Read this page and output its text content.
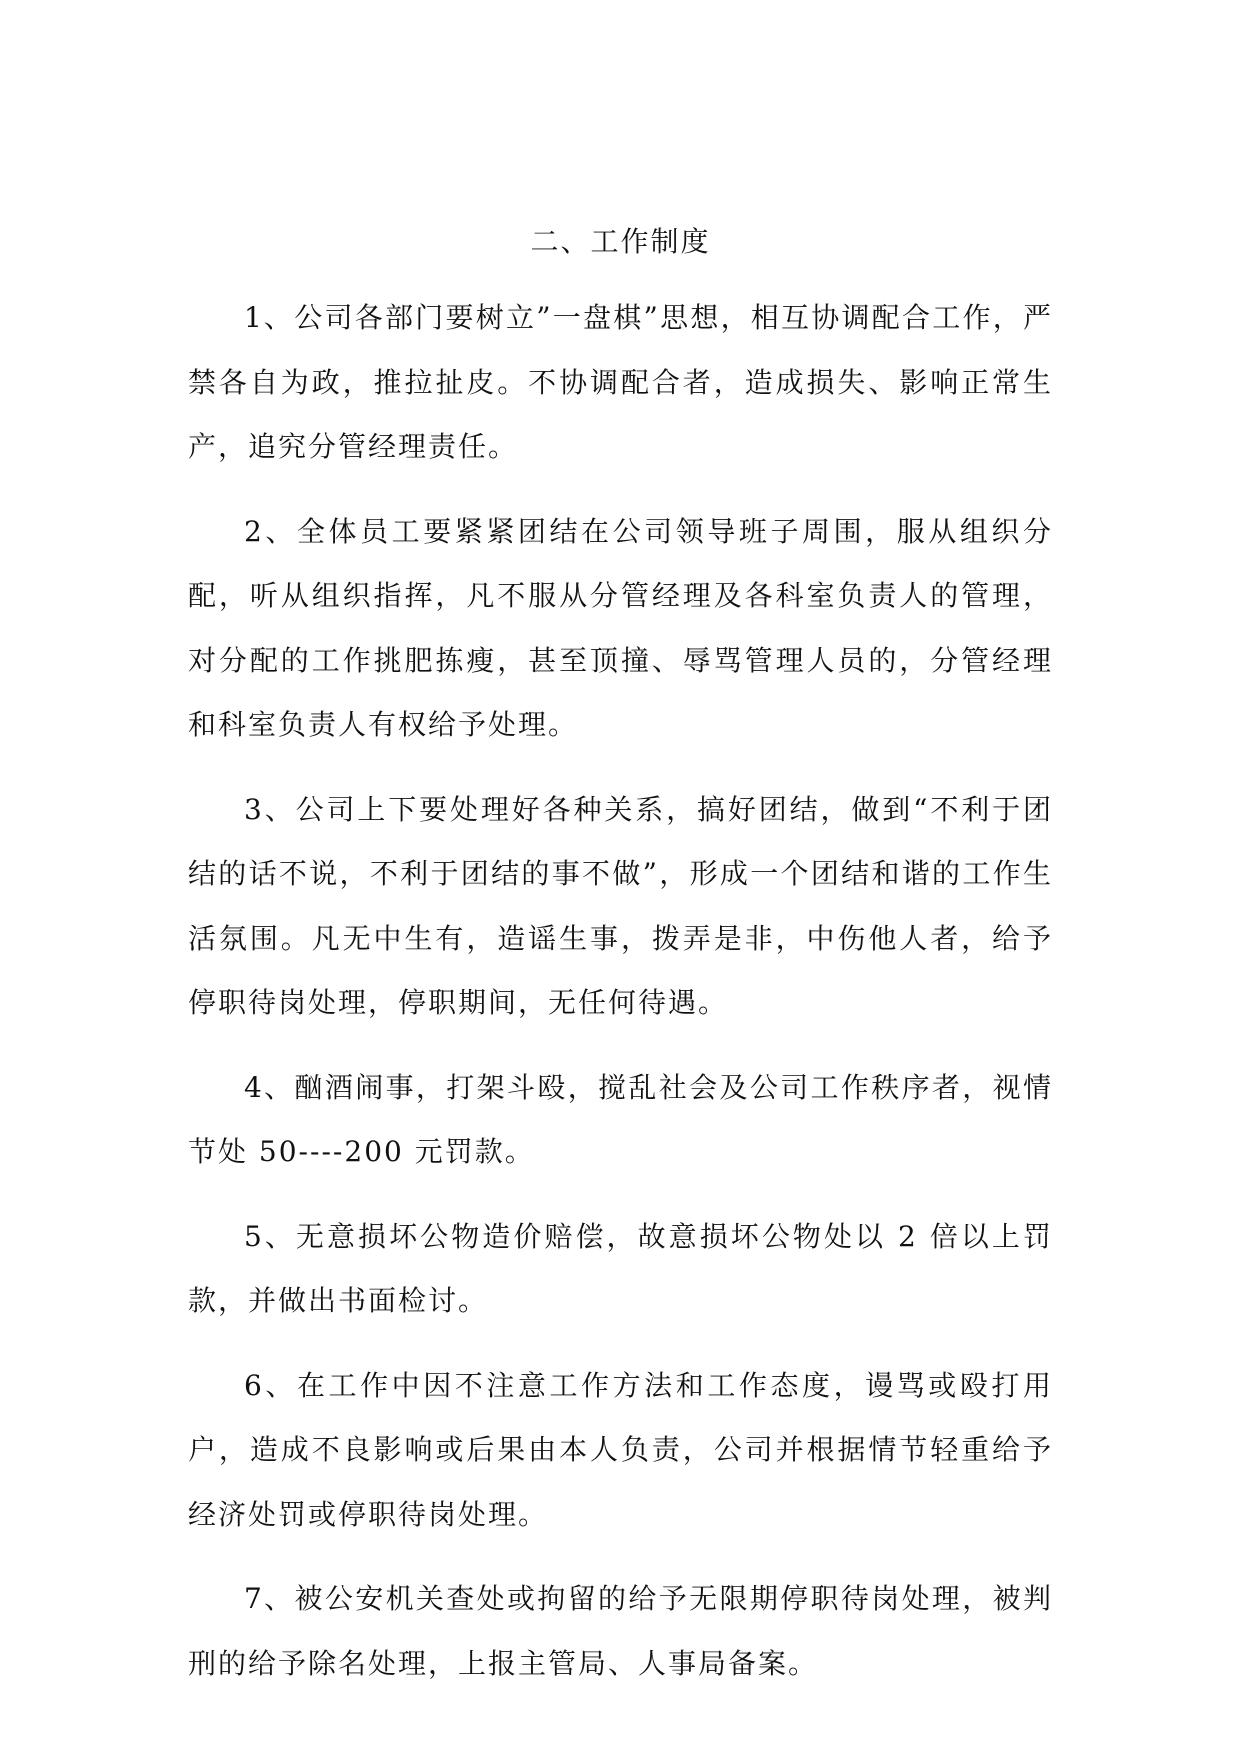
二、工作制度

1、公司各部门要树立”一盘棋”思想，相互协调配合工作，严禁各自为政，推拉扯皮。不协调配合者，造成损失、影响正常生产，追究分管经理责任。

2、全体员工要紧紧团结在公司领导班子周围，服从组织分配，听从组织指挥，凡不服从分管经理及各科室负责人的管理，对分配的工作挑肥拣瘦，甚至顶撞、辱骂管理人员的，分管经理和科室负责人有权给予处理。

3、公司上下要处理好各种关系，搞好团结，做到“不利于团结的话不说，不利于团结的事不做”，形成一个团结和谐的工作生活氛围。凡无中生有，造谣生事，拨弄是非，中伤他人者，给予停职待岗处理，停职期间，无任何待遇。

4、酗酒闹事，打架斗殴，搅乱社会及公司工作秩序者，视情节处 50----200 元罚款。

5、无意损坏公物造价赔偿，故意损坏公物处以 2 倍以上罚款，并做出书面检讨。

6、在工作中因不注意工作方法和工作态度，谩骂或殴打用户，造成不良影响或后果由本人负责，公司并根据情节轻重给予经济处罚或停职待岗处理。

7、被公安机关查处或拘留的给予无限期停职待岗处理，被判刑的给予除名处理，上报主管局、人事局备案。
